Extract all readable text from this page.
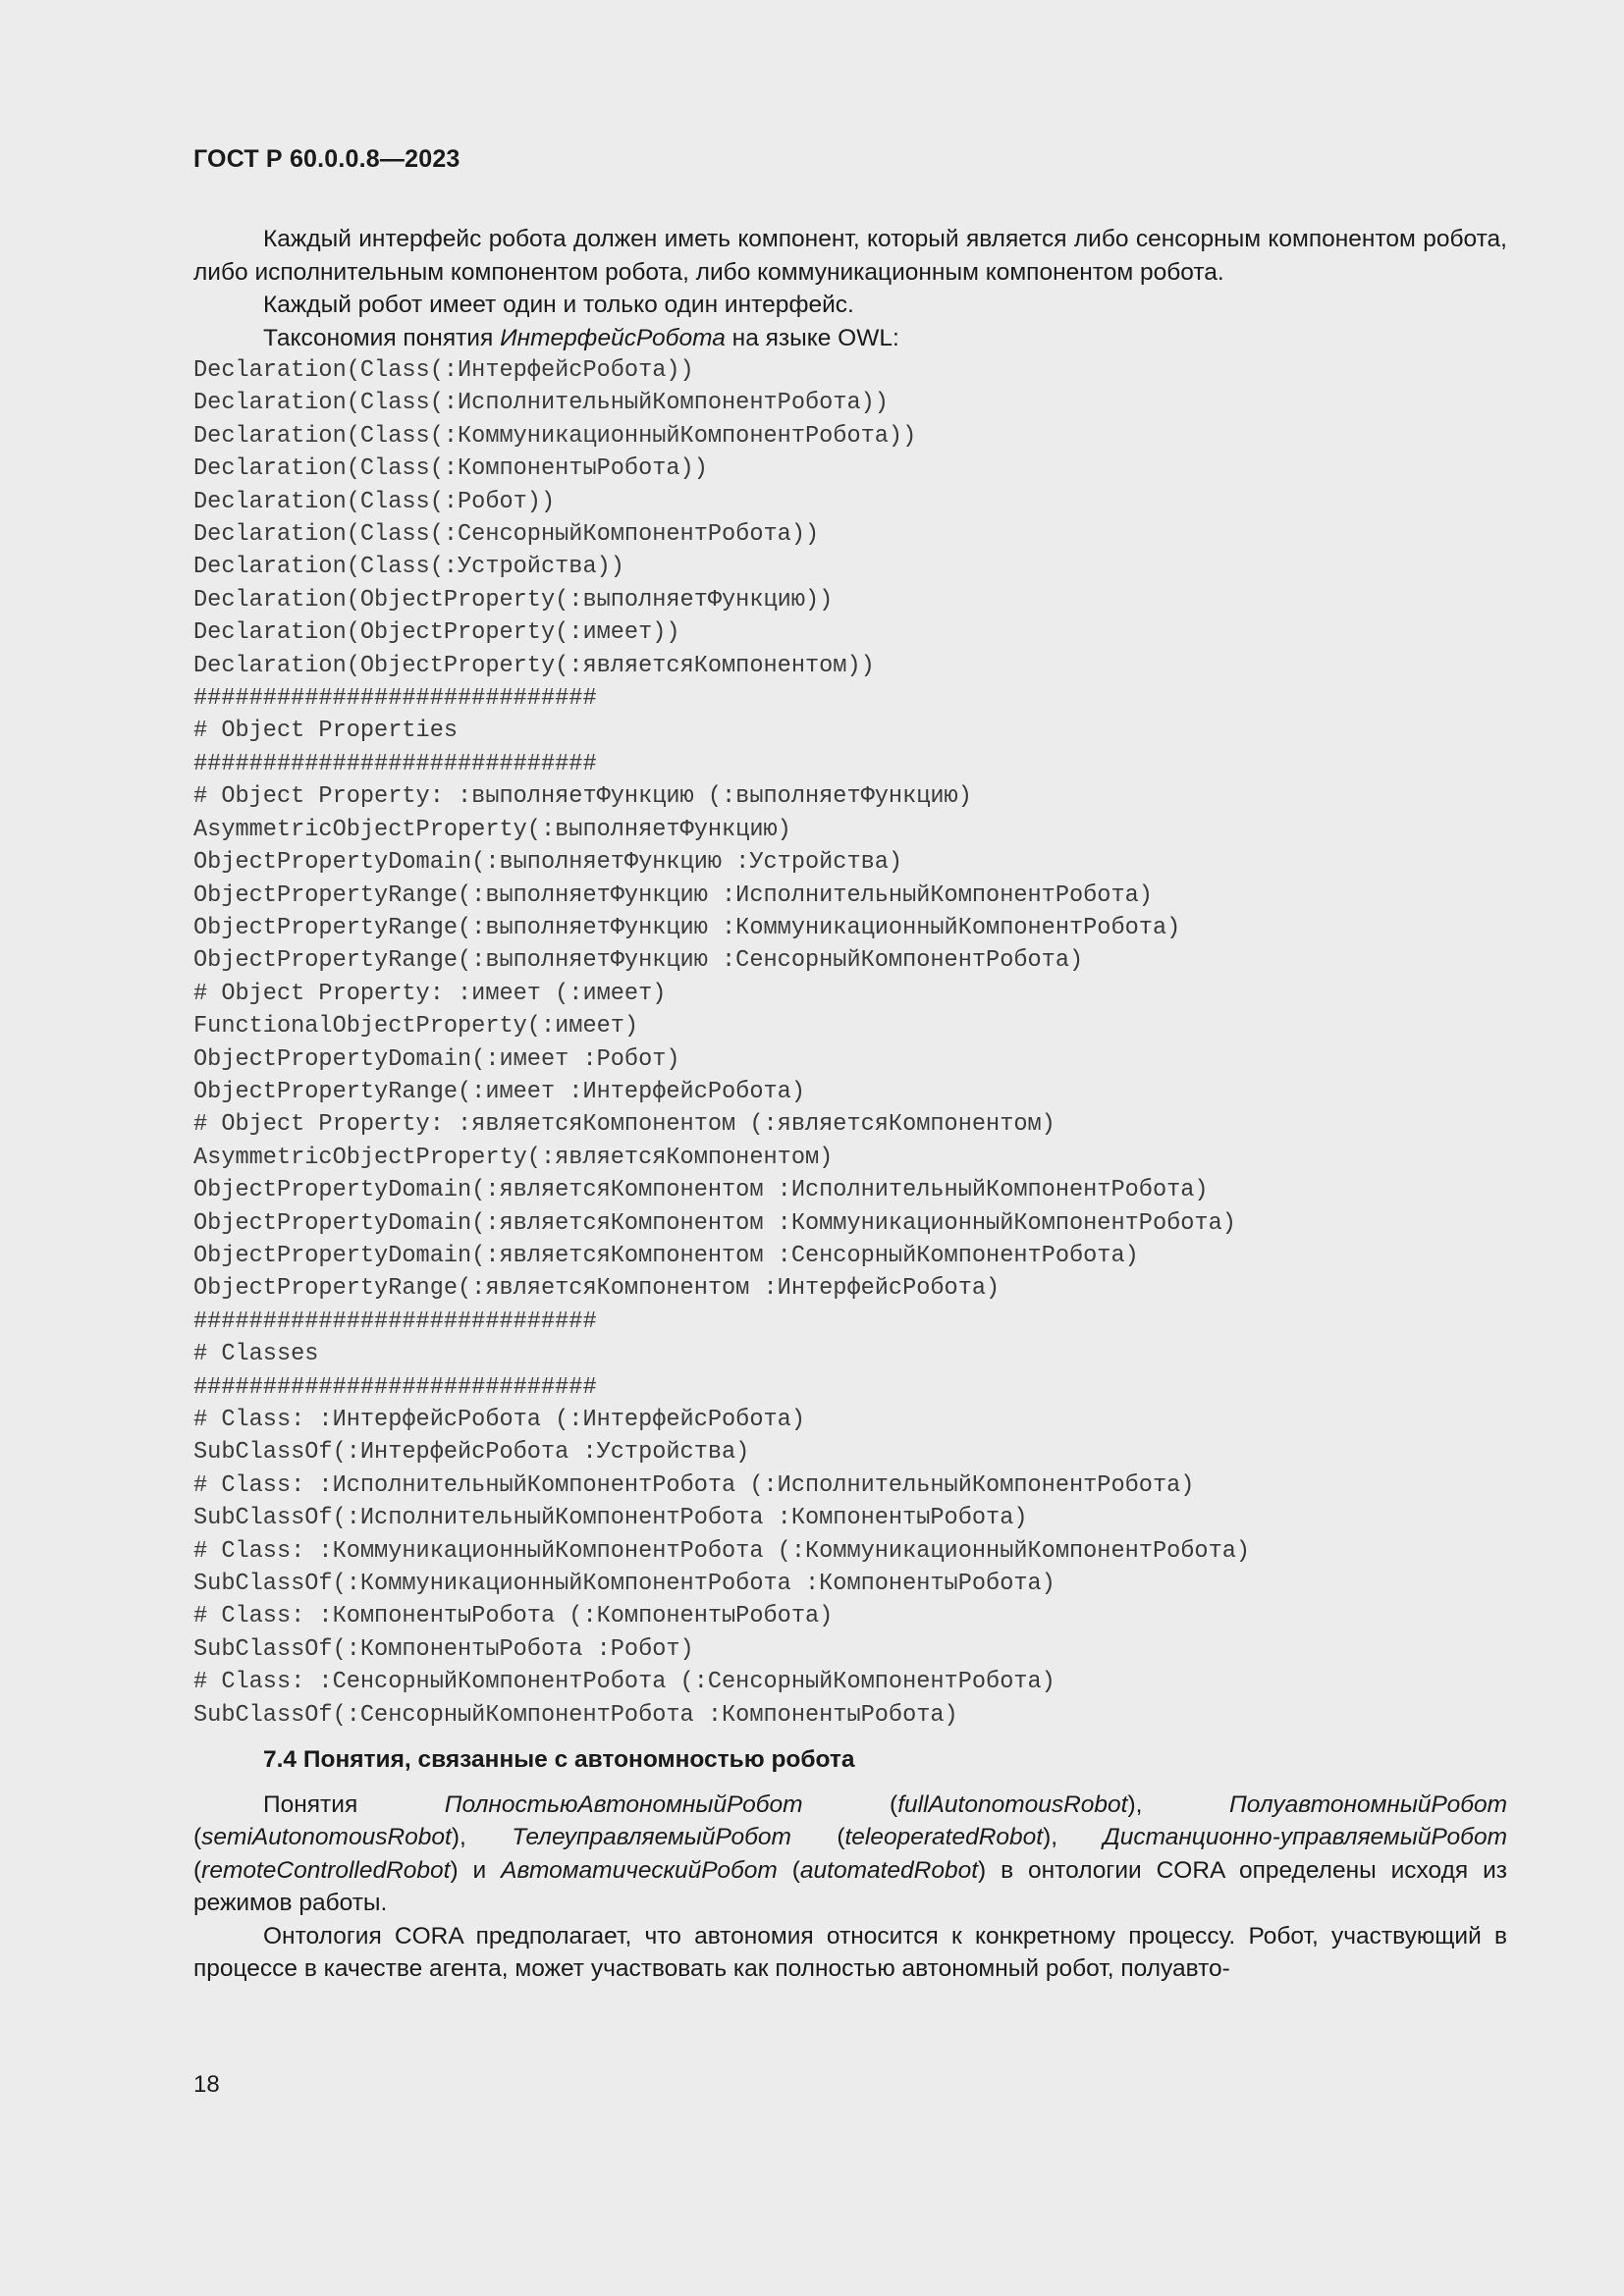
ГОСТ Р 60.0.0.8—2023

Каждый интерфейс робота должен иметь компонент, который является либо сенсорным компонентом робота, либо исполнительным компонентом робота, либо коммуникационным компонентом робота.

Каждый робот имеет один и только один интерфейс.

Таксономия понятия ИнтерфейсРобота на языке OWL:

Declaration(Class(:ИнтерфейсРобота))
Declaration(Class(:ИсполнительныйКомпонентРобота))
Declaration(Class(:КоммуникационныйКомпонентРобота))
Declaration(Class(:КомпонентыРобота))
Declaration(Class(:Робот))
Declaration(Class(:СенсорныйКомпонентРобота))
Declaration(Class(:Устройства))
Declaration(ObjectProperty(:выполняетФункцию))
Declaration(ObjectProperty(:имеет))
Declaration(ObjectProperty(:являетсяКомпонентом))
#############################
# Object Properties
#############################
# Object Property: :выполняетФункцию (:выполняетФункцию)
AsymmetricObjectProperty(:выполняетФункцию)
ObjectPropertyDomain(:выполняетФункцию :Устройства)
ObjectPropertyRange(:выполняетФункцию :ИсполнительныйКомпонентРобота)
ObjectPropertyRange(:выполняетФункцию :КоммуникационныйКомпонентРобота)
ObjectPropertyRange(:выполняетФункцию :СенсорныйКомпонентРобота)
# Object Property: :имеет (:имеет)
FunctionalObjectProperty(:имеет)
ObjectPropertyDomain(:имеет :Робот)
ObjectPropertyRange(:имеет :ИнтерфейсРобота)
# Object Property: :являетсяКомпонентом (:являетсяКомпонентом)
AsymmetricObjectProperty(:являетсяКомпонентом)
ObjectPropertyDomain(:являетсяКомпонентом :ИсполнительныйКомпонентРобота)
ObjectPropertyDomain(:являетсяКомпонентом :КоммуникационныйКомпонентРобота)
ObjectPropertyDomain(:являетсяКомпонентом :СенсорныйКомпонентРобота)
ObjectPropertyRange(:являетсяКомпонентом :ИнтерфейсРобота)
#############################
# Classes
#############################
# Class: :ИнтерфейсРобота (:ИнтерфейсРобота)
SubClassOf(:ИнтерфейсРобота :Устройства)
# Class: :ИсполнительныйКомпонентРобота (:ИсполнительныйКомпонентРобота)
SubClassOf(:ИсполнительныйКомпонентРобота :КомпонентыРобота)
# Class: :КоммуникационныйКомпонентРобота (:КоммуникационныйКомпонентРобота)
SubClassOf(:КоммуникационныйКомпонентРобота :КомпонентыРобота)
# Class: :КомпонентыРобота (:КомпонентыРобота)
SubClassOf(:КомпонентыРобота :Робот)
# Class: :СенсорныйКомпонентРобота (:СенсорныйКомпонентРобота)
SubClassOf(:СенсорныйКомпонентРобота :КомпонентыРобота)
7.4 Понятия, связанные с автономностью робота

Понятия ПолностьюАвтономныйРобот (fullAutonomousRobot), ПолуавтономныйРобот (semiAutonomousRobot), ТелеуправляемыйРобот (teleoperatedRobot), Дистанционно-управляемыйРобот (remoteControlledRobot) и АвтоматическийРобот (automatedRobot) в онтологии CORA определены исходя из режимов работы.

Онтология CORA предполагает, что автономия относится к конкретному процессу. Робот, участвующий в процессе в качестве агента, может участвовать как полностью автономный робот, полуавто-

18
